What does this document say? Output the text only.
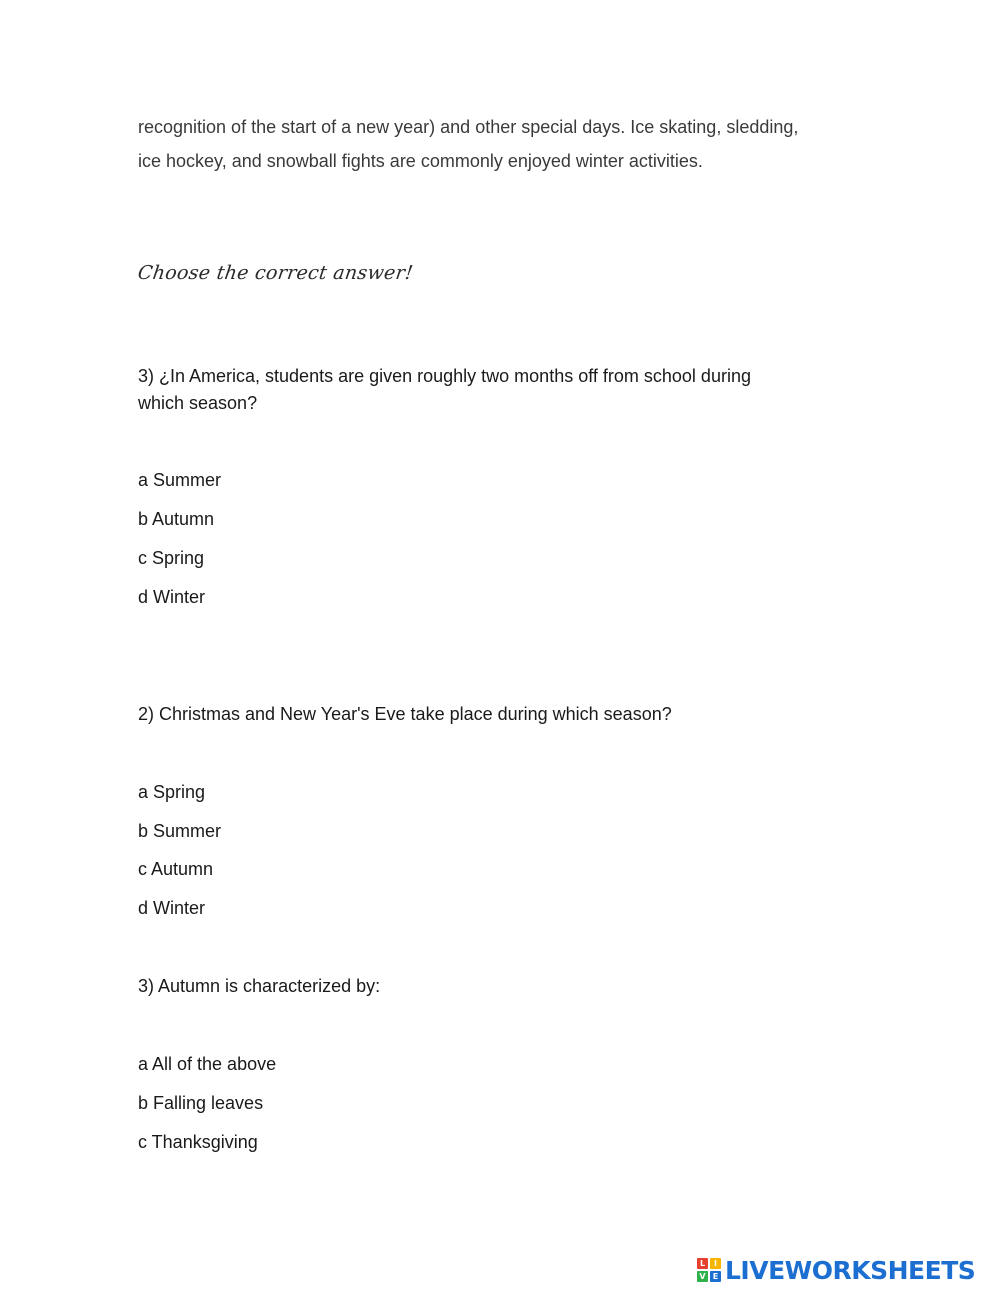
recognition of the start of a new year) and other special days. Ice skating, sledding,
ice hockey, and snowball fights are commonly enjoyed winter activities.

Choose the correct answer!

3) ¿In America, students are given roughly two months off from school during
which season?

a Summer

b Autumn

c Spring

d Winter

2) Christmas and New Year's Eve take place during which season?

a Spring

b Summer

c Autumn

d Winter

3) Autumn is characterized by:

a All of the above

b Falling leaves

c Thanksgiving

L	I
V E LIVEWORKSHEETS
